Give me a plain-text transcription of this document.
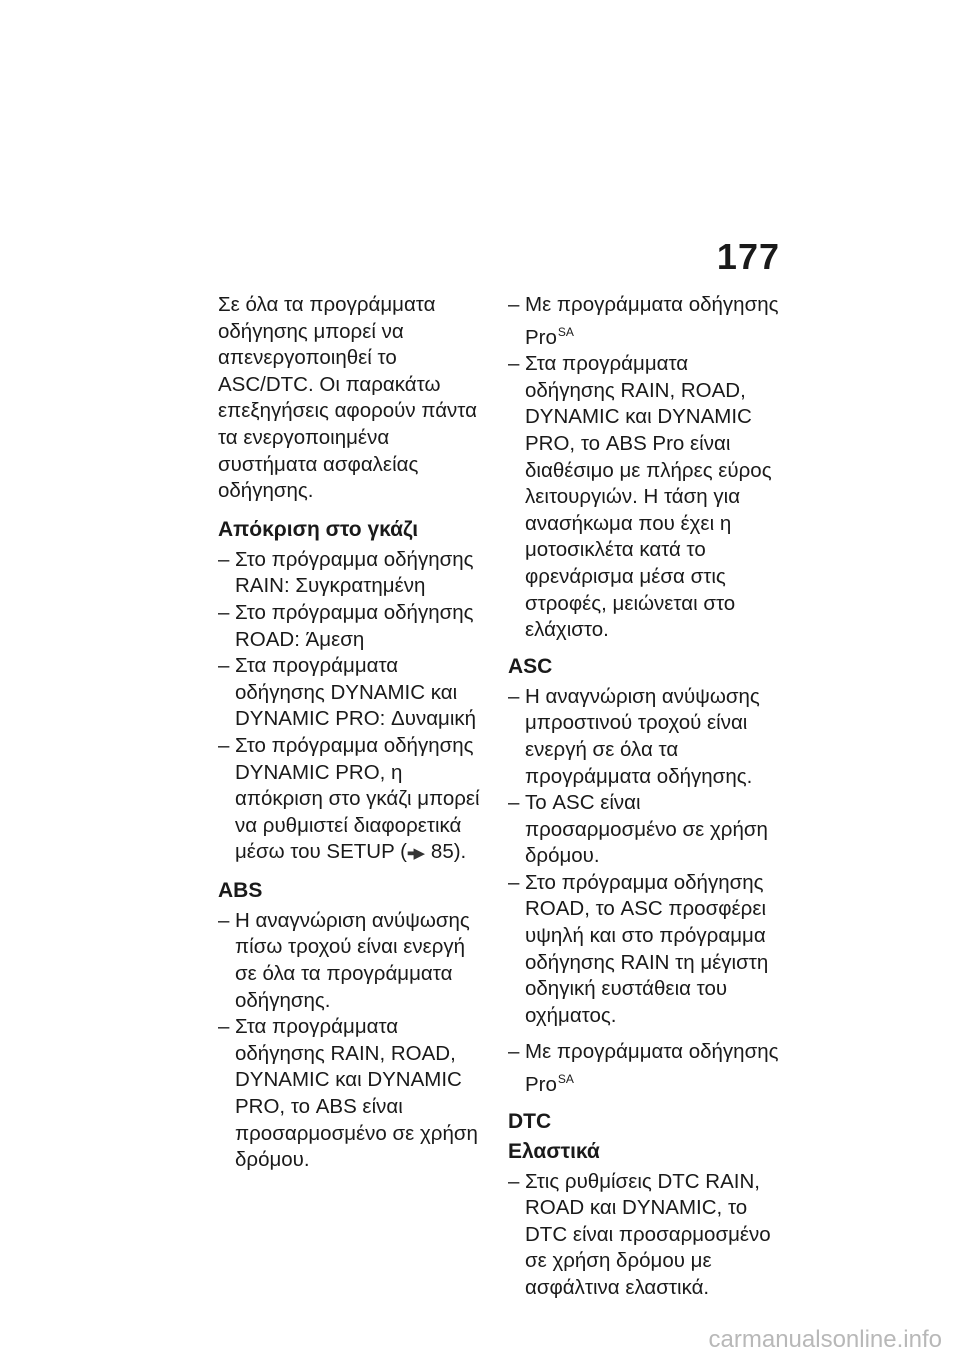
177

Σε όλα τα προγράμματα οδήγησης μπορεί να απενεργοποιηθεί το ASC/DTC. Οι παρακάτω επεξηγήσεις αφορούν πάντα τα ενεργοποιημένα συστήματα ασφαλείας οδήγησης.

Απόκριση στο γκάζι
– Στο πρόγραμμα οδήγησης RAIN: Συγκρατημένη
– Στο πρόγραμμα οδήγησης ROAD: Άμεση
– Στα προγράμματα οδήγησης DYNAMIC και DYNAMIC PRO: Δυναμική
– Στο πρόγραμμα οδήγησης DYNAMIC PRO, η απόκριση στο γκάζι μπορεί να ρυθμιστεί διαφορετικά μέσω του SETUP (▪▪▶ 85).
ABS
– Η αναγνώριση ανύψωσης πίσω τροχού είναι ενεργή σε όλα τα προγράμματα οδήγησης.
– Στα προγράμματα οδήγησης RAIN, ROAD, DYNAMIC και DYNAMIC PRO, το ABS είναι προσαρμοσμένο σε χρήση δρόμου.
– Με προγράμματα οδήγησης Pro$^{SA}$
– Στα προγράμματα οδήγησης RAIN, ROAD, DYNAMIC και DYNAMIC PRO, το ABS Pro είναι διαθέσιμο με πλήρες εύρος λειτουργιών. Η τάση για ανασήκωμα που έχει η μοτοσικλέτα κατά το φρενάρισμα μέσα στις στροφές, μειώνεται στο ελάχιστο.
ASC
– Η αναγνώριση ανύψωσης μπροστινού τροχού είναι ενεργή σε όλα τα προγράμματα οδήγησης.
– Το ASC είναι προσαρμοσμένο σε χρήση δρόμου.
– Στο πρόγραμμα οδήγησης ROAD, το ASC προσφέρει υψηλή και στο πρόγραμμα οδήγησης RAIN τη μέγιστη οδηγική ευστάθεια του οχήματος.
– Με προγράμματα οδήγησης Pro$^{SA}$
DTC
Ελαστικά
– Στις ρυθμίσεις DTC RAIN, ROAD και DYNAMIC, το DTC είναι προσαρμοσμένο σε χρήση δρόμου με ασφάλτινα ελαστικά.
carmanualsonline.info
